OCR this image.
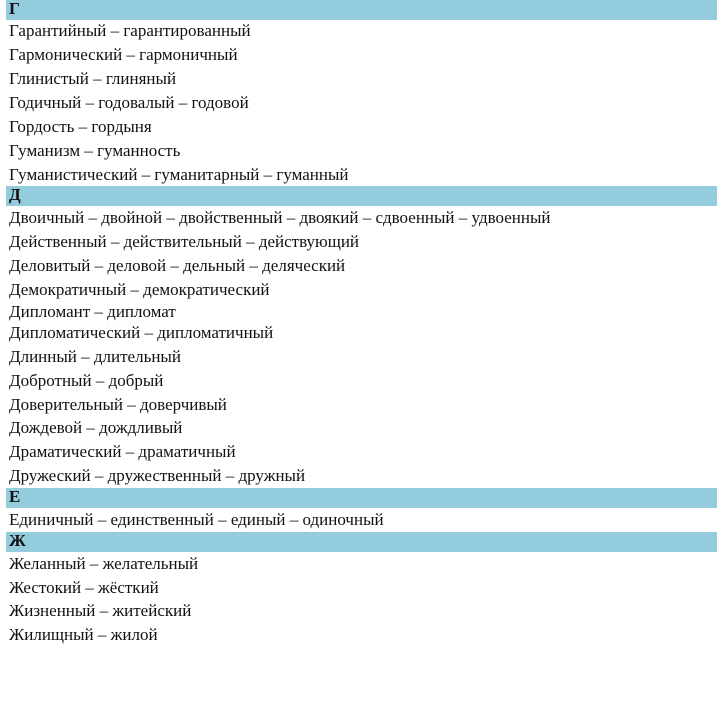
Г
Гарантийный – гарантированный
Гармонический – гармоничный
Глинистый – глиняный
Годичный – годовалый – годовой
Гордость – гордыня
Гуманизм – гуманность
Гуманистический – гуманитарный – гуманный
Д
Двоичный – двойной – двойственный – двоякий – сдвоенный – удвоенный
Действенный – действительный – действующий
Деловитый – деловой – дельный – деляческий
Демократичный – демократический
Дипломант – дипломат
Дипломатический – дипломатичный
Длинный – длительный
Добротный – добрый
Доверительный – доверчивый
Дождевой – дождливый
Драматический – драматичный
Дружеский – дружественный – дружный
Е
Единичный – единственный – единый – одиночный
Ж
Желанный – желательный
Жестокий – жёсткий
Жизненный – житейский
Жилищный – жилой
